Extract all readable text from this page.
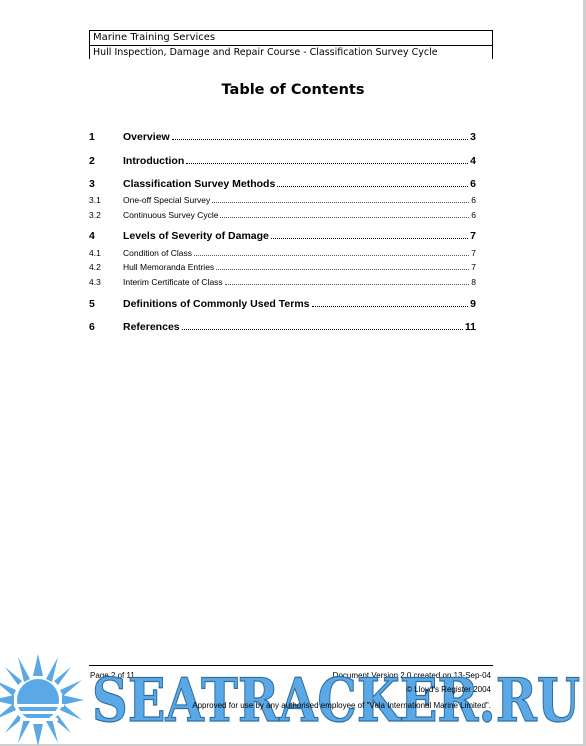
Marine Training Services
Hull Inspection, Damage and Repair Course - Classification Survey Cycle
Table of Contents
1	Overview	3
2	Introduction	4
3	Classification Survey Methods	6
3.1	One-off Special Survey	6
3.2	Continuous Survey Cycle	6
4	Levels of Severity of Damage	7
4.1	Condition of Class	7
4.2	Hull Memoranda Entries	7
4.3	Interim Certificate of Class	8
5	Definitions of Commonly Used Terms	9
6	References	11
Page 2 of 11	Document Version 2.0 created on 13-Sep-04
SEATRACKER.RU
© Lloyd's Register 2004
Approved for use by any authorised employee of "Vela International Marine Limited".
